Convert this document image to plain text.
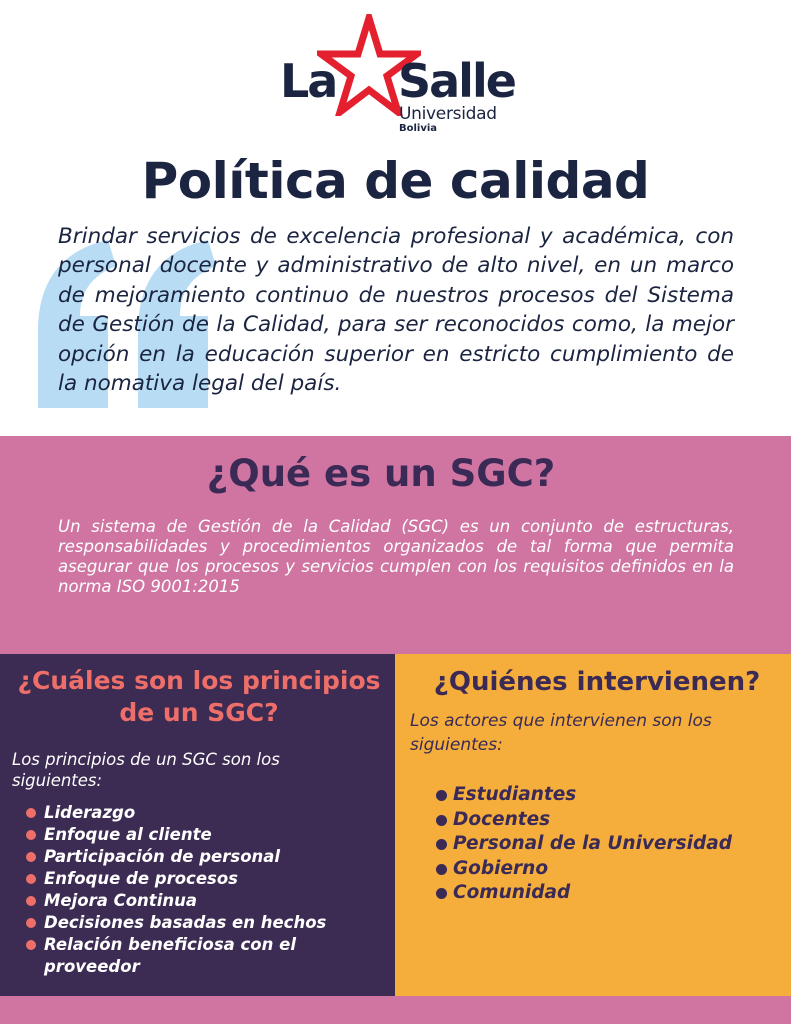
La Salle
Universidad
Bolivia
Política de calidad

Brindar servicios de excelencia profesional y académica, con personal docente y administrativo de alto nivel, en un marco de mejoramiento continuo de nuestros procesos del Sistema de Gestión de la Calidad, para ser reconocidos como, la mejor opción en la educación superior en estricto cumplimiento de la nomativa legal del país.

¿Qué es un SGC?

Un sistema de Gestión de la Calidad (SGC) es un conjunto de estructuras, responsabilidades y procedimientos organizados de tal forma que permita asegurar que los procesos y servicios cumplen con los requisitos definidos en la norma ISO 9001:2015

¿Cuáles son los principios de un SGC?

Los principios de un SGC son los siguientes:

Liderazgo
Enfoque al cliente
Participación de personal
Enfoque de procesos
Mejora Continua
Decisiones basadas en hechos
Relación beneficiosa con el proveedor
¿Quiénes intervienen?

Los actores que intervienen son los siguientes:

Estudiantes
Docentes
Personal de la Universidad
Gobierno
Comunidad
